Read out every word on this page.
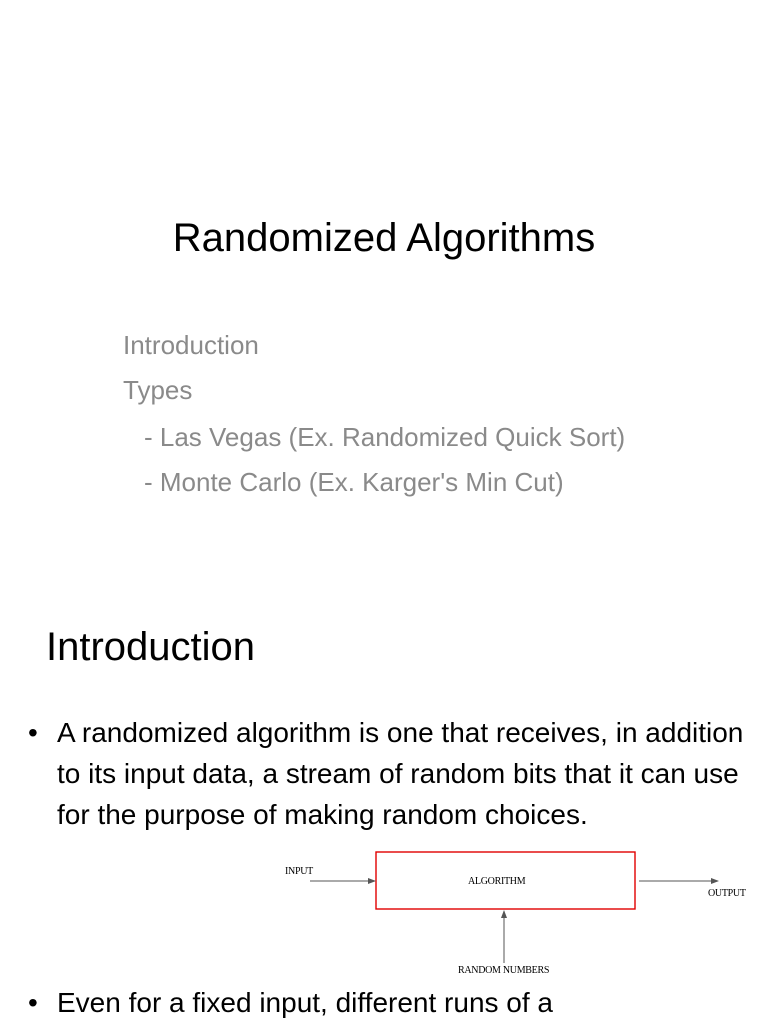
Randomized Algorithms
Introduction
Types
- Las Vegas (Ex. Randomized Quick Sort)
- Monte Carlo (Ex. Karger's Min Cut)
Introduction
• A randomized algorithm is one that receives, in addition to its input data, a stream of random bits that it can use for the purpose of making random choices.
• Even for a fixed input, different runs of a
INPUT
ALGORITHM
OUTPUT
RANDOM NUMBERS
